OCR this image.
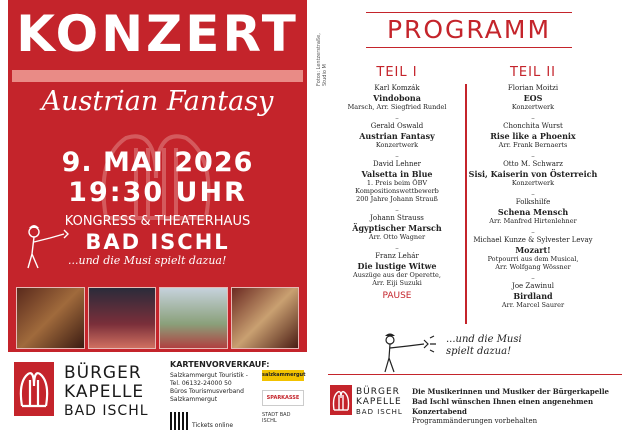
KONZERT
Austrian Fantasy
9. MAI 2026
19:30 UHR
KONGRESS & THEATERHAUS
BAD ISCHL
...und die Musi spielt dazua!
BÜRGER
KAPELLE
BAD ISCHL
KARTENVORVERKAUF:
Salzkammergut Touristik -
Tel. 06132-24000 50
Büros Tourismusverband
Salzkammergut
Tickets online
salzkammergut
SPARKASSE
STADT BAD ISCHL
Fotos: Lentzerstraße, Studio M
PROGRAMM
TEIL I
Karl Komzák
Vindobona
Marsch, Arr. Siegfried Rundel
–
Gerald Oswald
Austrian Fantasy
Konzertwerk
–
David Lehner
Valsetta in Blue
1. Preis beim ÖBV
Kompositionswettbewerb
200 Jahre Johann Strauß
–
Johann Strauss
Ägyptischer Marsch
Arr. Otto Wagner
–
Franz Lehár
Die lustige Witwe
Auszüge aus der Operette,
Arr. Eiji Suzuki
PAUSE
TEIL II
Florian Moitzi
EOS
Konzertwerk
–
Chonchita Wurst
Rise like a Phoenix
Arr. Frank Bernaerts
–
Otto M. Schwarz
Sisi, Kaiserin von Österreich
Konzertwerk
–
Folkshilfe
Schena Mensch
Arr. Manfred Hirtenlehner
–
Michael Kunze & Sylvester Levay
Mozart!
Potpourri aus dem Musical,
Arr. Wolfgang Wössner
–
Joe Zawinul
Birdland
Arr. Marcel Saurer
...und die Musi spielt dazua!
BÜRGER
KAPELLE
BAD ISCHL
Die Musikerinnen und Musiker der Bürgerkapelle Bad Ischl wünschen Ihnen einen angenehmen Konzertabend
Programmänderungen vorbehalten
